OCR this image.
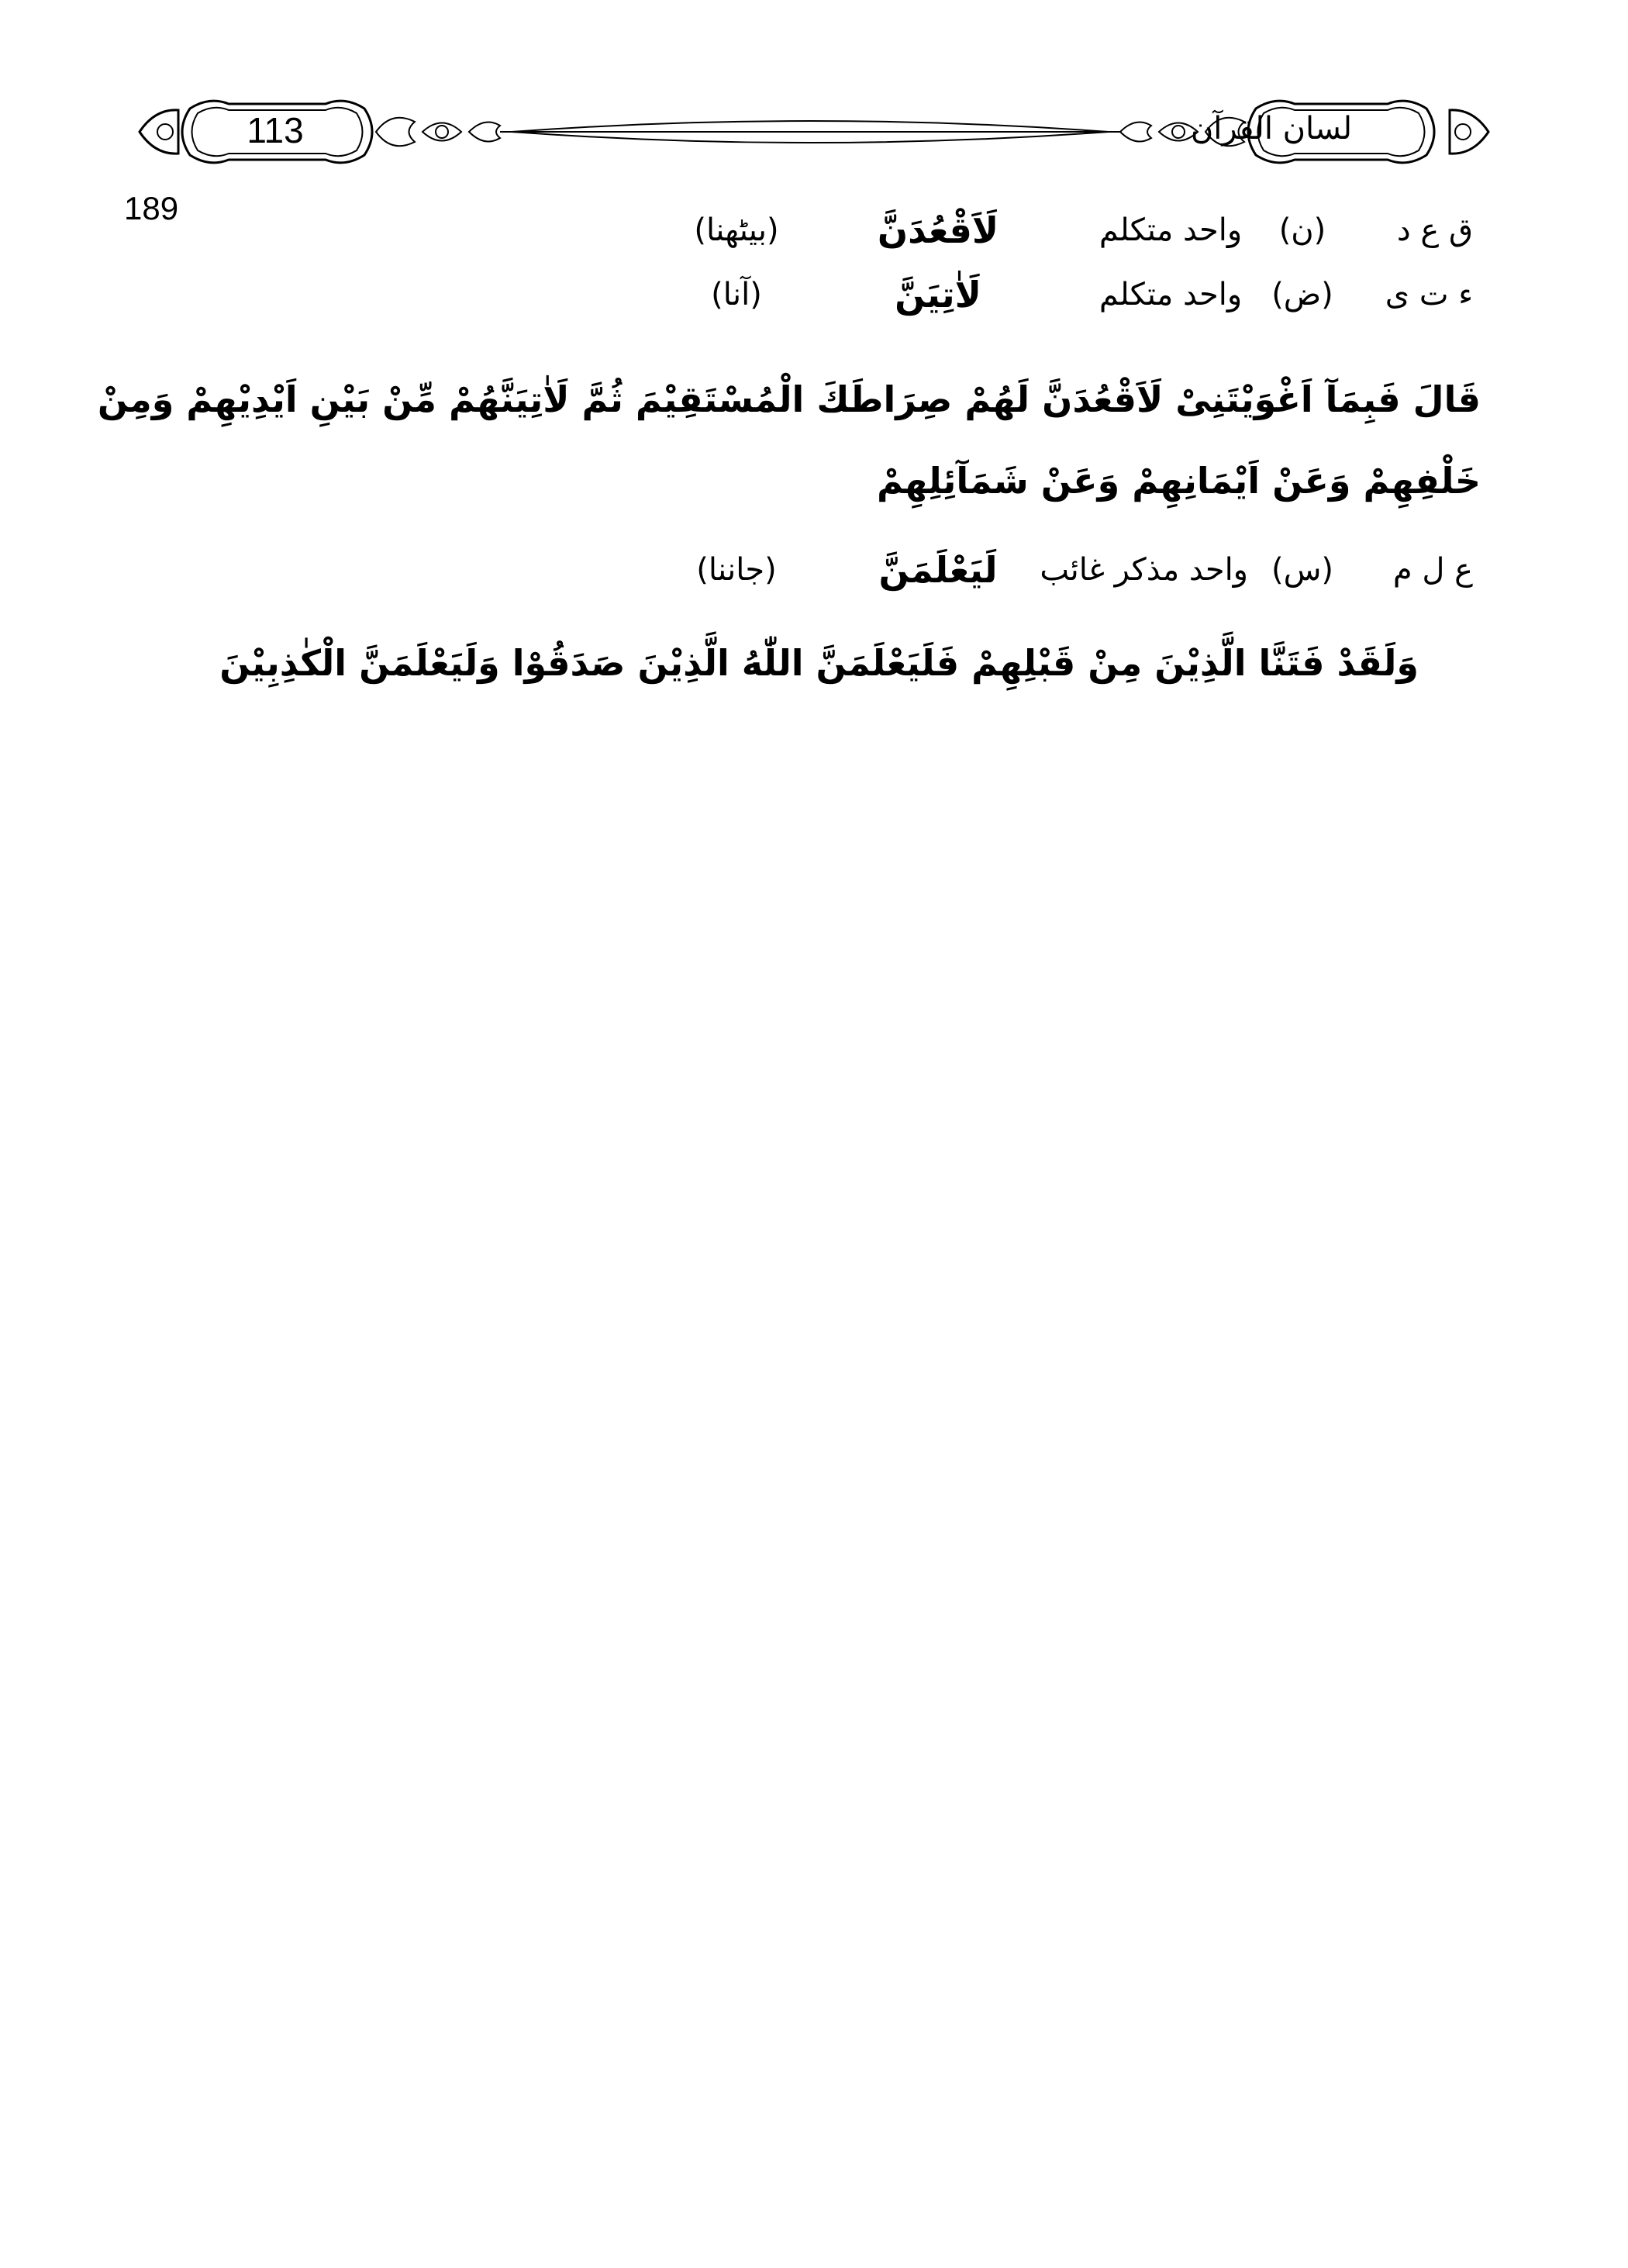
113	لسان القرآن
189
ق ع د
(ن)
واحد متکلم
لَاَقْعُدَنَّ
(بیٹھنا)
ء ت ی
(ض)
واحد متکلم
لَاٰتِیَنَّ
(آنا)
قَالَ فَبِمَآ اَغْوَیْتَنِیْ لَاَقْعُدَنَّ لَهُمْ صِرَاطَكَ الْمُسْتَقِیْمَ ثُمَّ لَاٰتِیَنَّهُمْ مِّنْ بَیْنِ اَیْدِیْهِمْ وَمِنْ
خَلْفِهِمْ وَعَنْ اَیْمَانِهِمْ وَعَنْ شَمَآئِلِهِمْ
ع ل م
(س)
واحد مذکر غائب
لَیَعْلَمَنَّ
(جاننا)
وَلَقَدْ فَتَنَّا الَّذِیْنَ مِنْ قَبْلِهِمْ فَلَیَعْلَمَنَّ اللّٰهُ الَّذِیْنَ صَدَقُوْا وَلَیَعْلَمَنَّ الْكٰذِبِیْنَ
